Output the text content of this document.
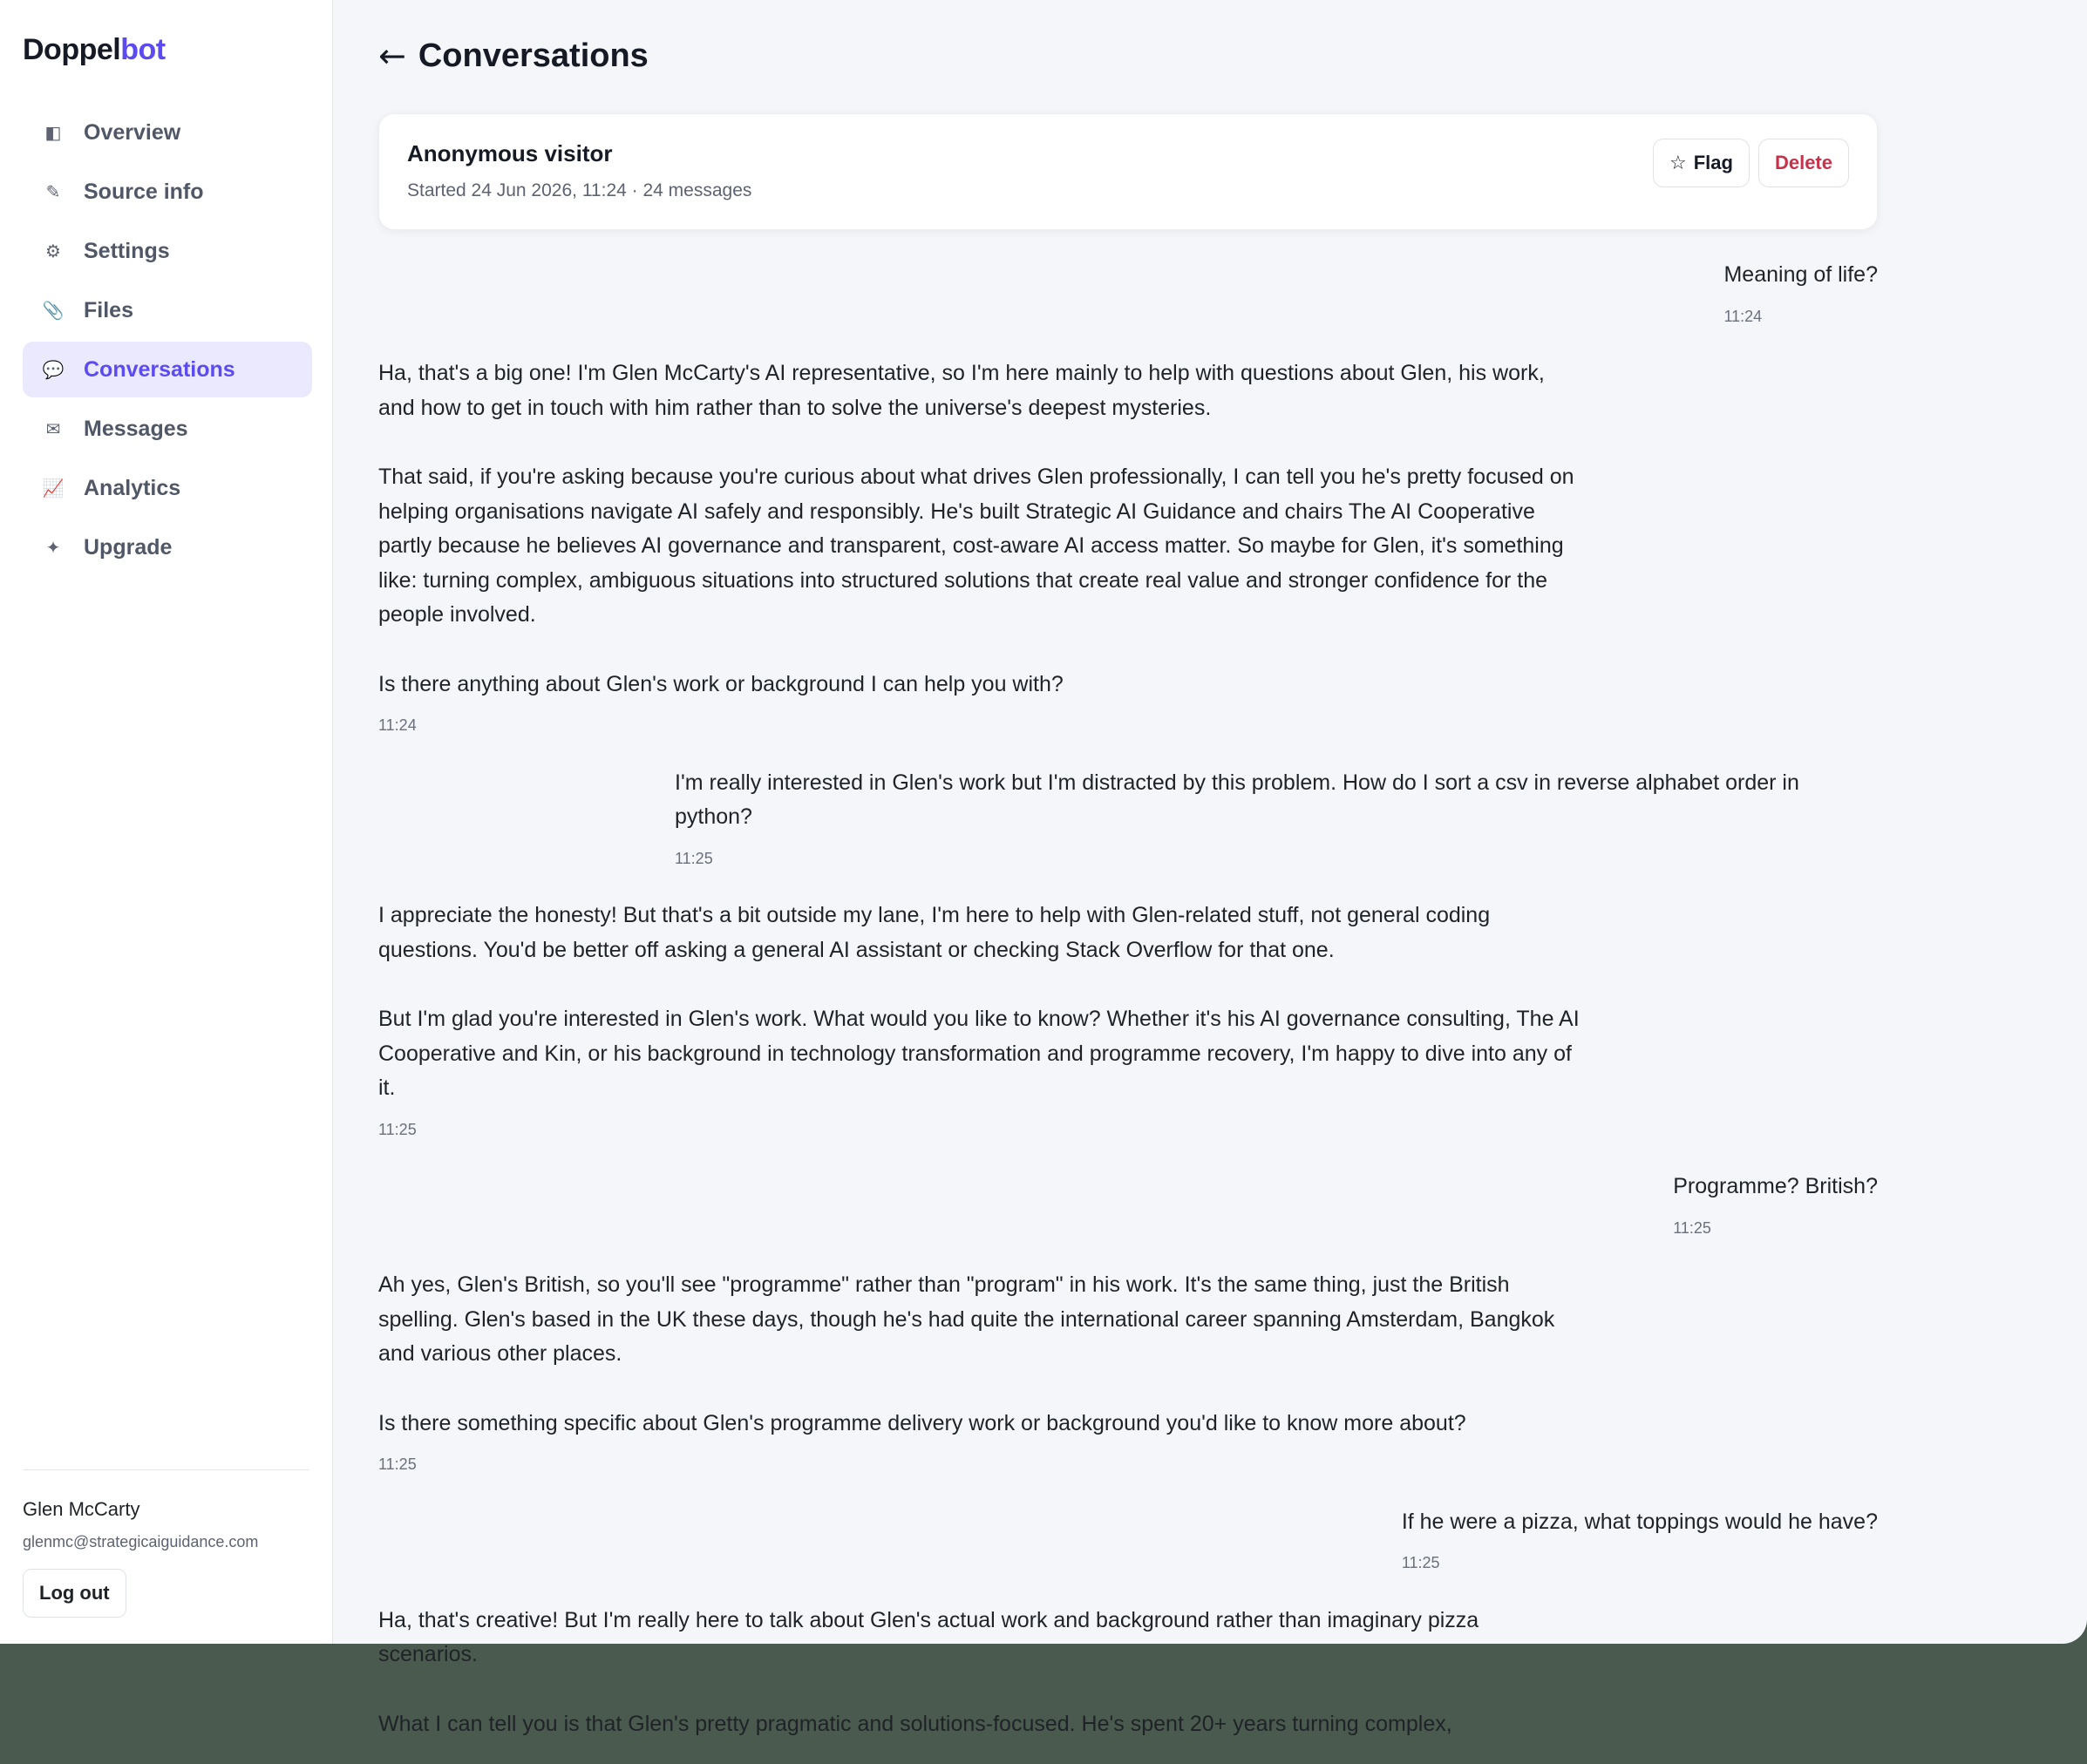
Doppelbot
◧ Overview
✎ Source info
⚙ Settings
📎 Files
💬 Conversations
✉ Messages
📈 Analytics
✦ Upgrade
Glen McCarty
glenmc@strategicaiguidance.com
Log out
← Conversations
Anonymous visitor
Started 24 Jun 2026, 11:24 · 24 messages
☆ Flag Delete

Meaning of life?

11:24

Ha, that's a big one! I'm Glen McCarty's AI representative, so I'm here mainly to help with questions about Glen, his work, and how to get in touch with him rather than to solve the universe's deepest mysteries.

That said, if you're asking because you're curious about what drives Glen professionally, I can tell you he's pretty focused on helping organisations navigate AI safely and responsibly. He's built Strategic AI Guidance and chairs The AI Cooperative partly because he believes AI governance and transparent, cost-aware AI access matter. So maybe for Glen, it's something like: turning complex, ambiguous situations into structured solutions that create real value and stronger confidence for the people involved.

Is there anything about Glen's work or background I can help you with?

11:24

I'm really interested in Glen's work but I'm distracted by this problem. How do I sort a csv in reverse alphabet order in python?

11:25

I appreciate the honesty! But that's a bit outside my lane, I'm here to help with Glen-related stuff, not general coding questions. You'd be better off asking a general AI assistant or checking Stack Overflow for that one.

But I'm glad you're interested in Glen's work. What would you like to know? Whether it's his AI governance consulting, The AI Cooperative and Kin, or his background in technology transformation and programme recovery, I'm happy to dive into any of it.

11:25

Programme? British?

11:25

Ah yes, Glen's British, so you'll see "programme" rather than "program" in his work. It's the same thing, just the British spelling. Glen's based in the UK these days, though he's had quite the international career spanning Amsterdam, Bangkok and various other places.

Is there something specific about Glen's programme delivery work or background you'd like to know more about?

11:25

If he were a pizza, what toppings would he have?

11:25

Ha, that's creative! But I'm really here to talk about Glen's actual work and background rather than imaginary pizza scenarios.

What I can tell you is that Glen's pretty pragmatic and solutions-focused. He's spent 20+ years turning complex,
